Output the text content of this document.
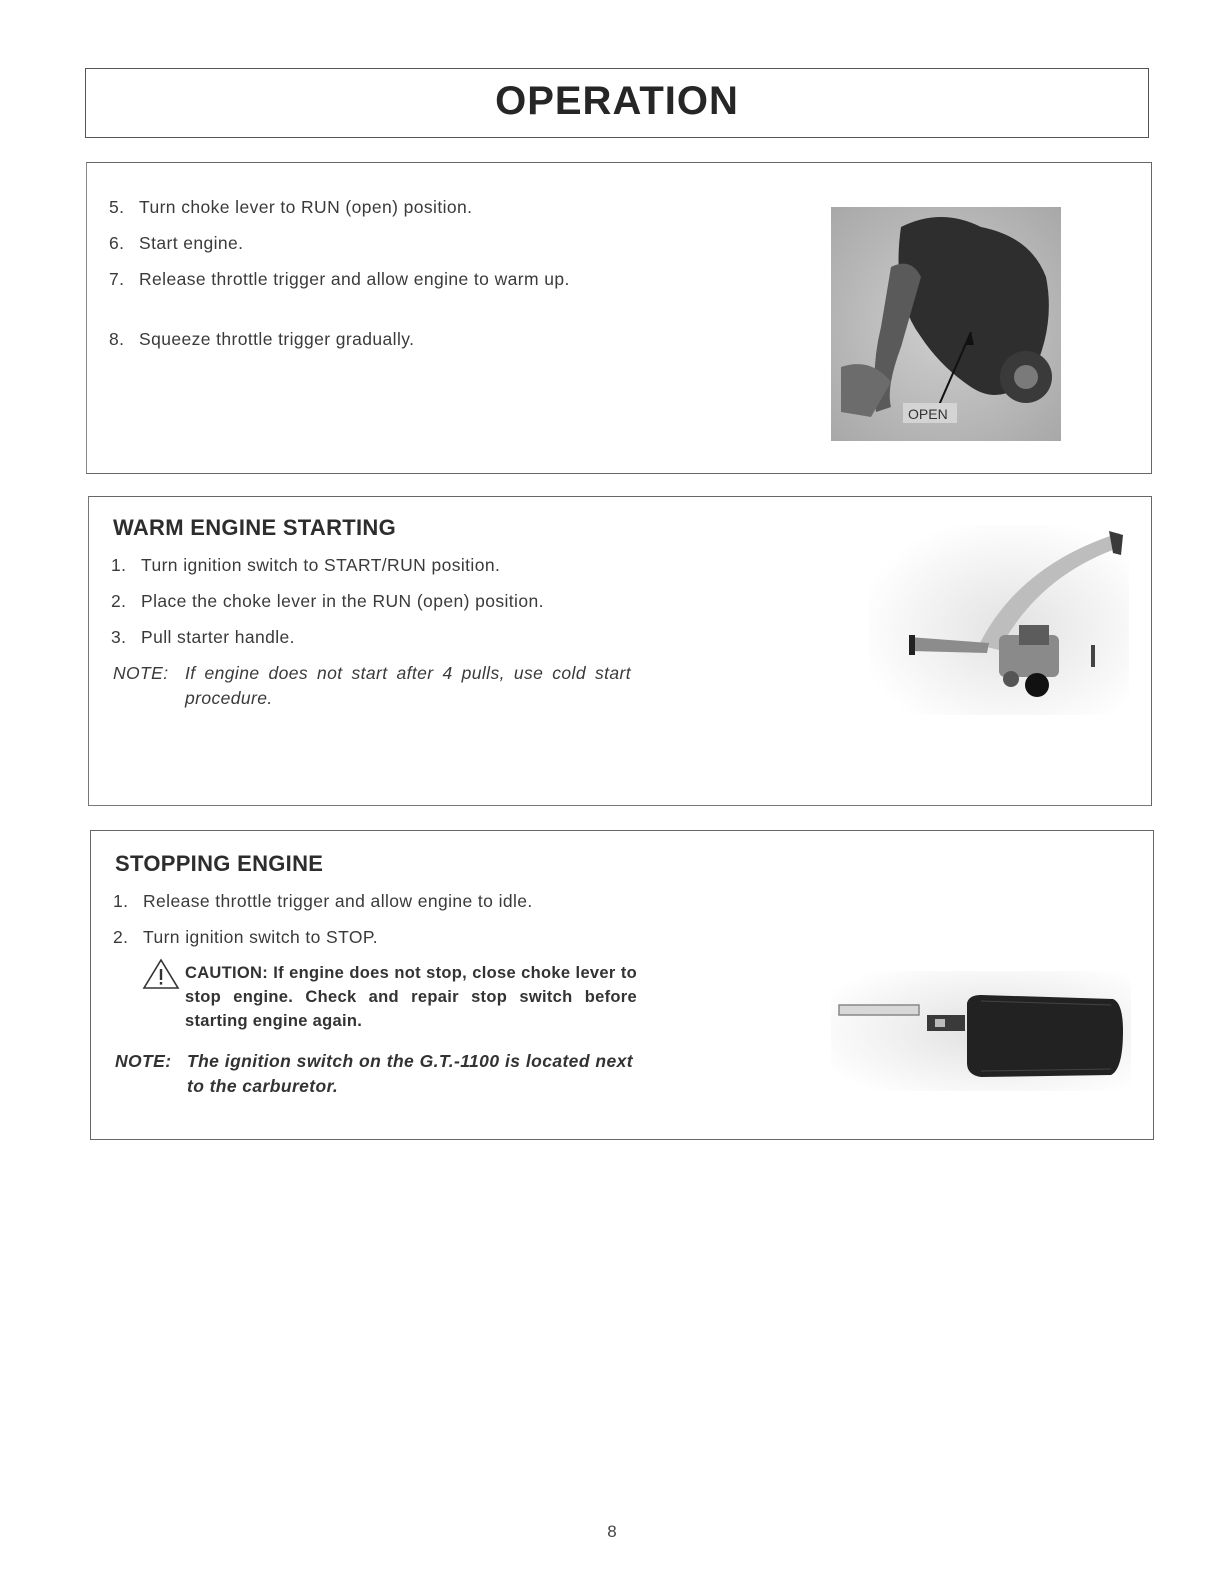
OPERATION
5. Turn choke lever to RUN (open) position.
6. Start engine.
7. Release throttle trigger and allow engine to warm up.
8. Squeeze throttle trigger gradually.
OPEN
WARM ENGINE STARTING
1. Turn ignition switch to START/RUN position.
2. Place the choke lever in the RUN (open) position.
3. Pull starter handle.
NOTE: If engine does not start after 4 pulls, use cold start procedure.
STOPPING ENGINE
1. Release throttle trigger and allow engine to idle.
2. Turn ignition switch to STOP.
CAUTION: If engine does not stop, close choke lever to stop engine. Check and repair stop switch before starting engine again.
NOTE: The ignition switch on the G.T.-1100 is located next to the carburetor.
8
